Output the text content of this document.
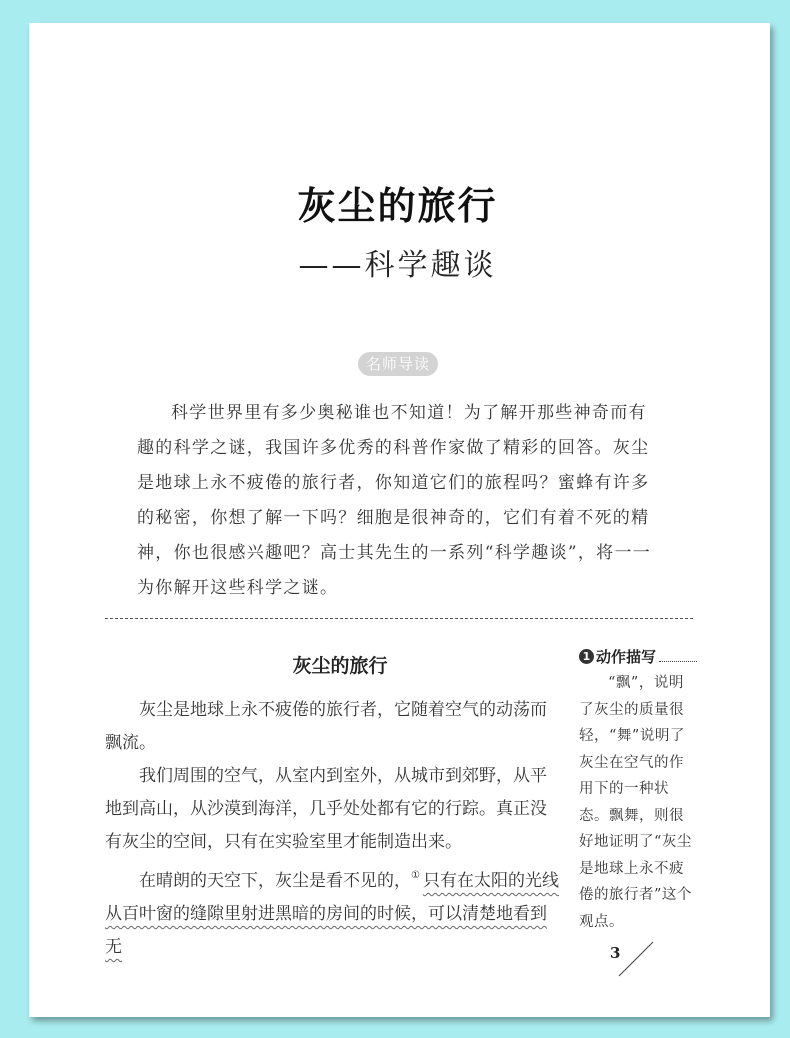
灰尘的旅行
——科学趣谈
名师导读

科学世界里有多少奥秘谁也不知道！为了解开那些神奇而有趣的科学之谜，我国许多优秀的科普作家做了精彩的回答。灰尘是地球上永不疲倦的旅行者，你知道它们的旅程吗？蜜蜂有许多的秘密，你想了解一下吗？细胞是很神奇的，它们有着不死的精神，你也很感兴趣吧？高士其先生的一系列“科学趣谈”，将一一为你解开这些科学之谜。

灰尘的旅行

灰尘是地球上永不疲倦的旅行者，它随着空气的动荡而飘流。

我们周围的空气，从室内到室外，从城市到郊野，从平地到高山，从沙漠到海洋，几乎处处都有它的行踪。真正没有灰尘的空间，只有在实验室里才能制造出来。

在晴朗的天空下，灰尘是看不见的，① 只有在太阳的光线从百叶窗的缝隙里射进黑暗的房间的时候，可以清楚地看到无

1 动作描写

“飘”，说明了灰尘的质量很轻，“舞”说明了灰尘在空气的作用下的一种状态。飘舞，则很好地证明了“灰尘是地球上永不疲倦的旅行者”这个观点。

3
